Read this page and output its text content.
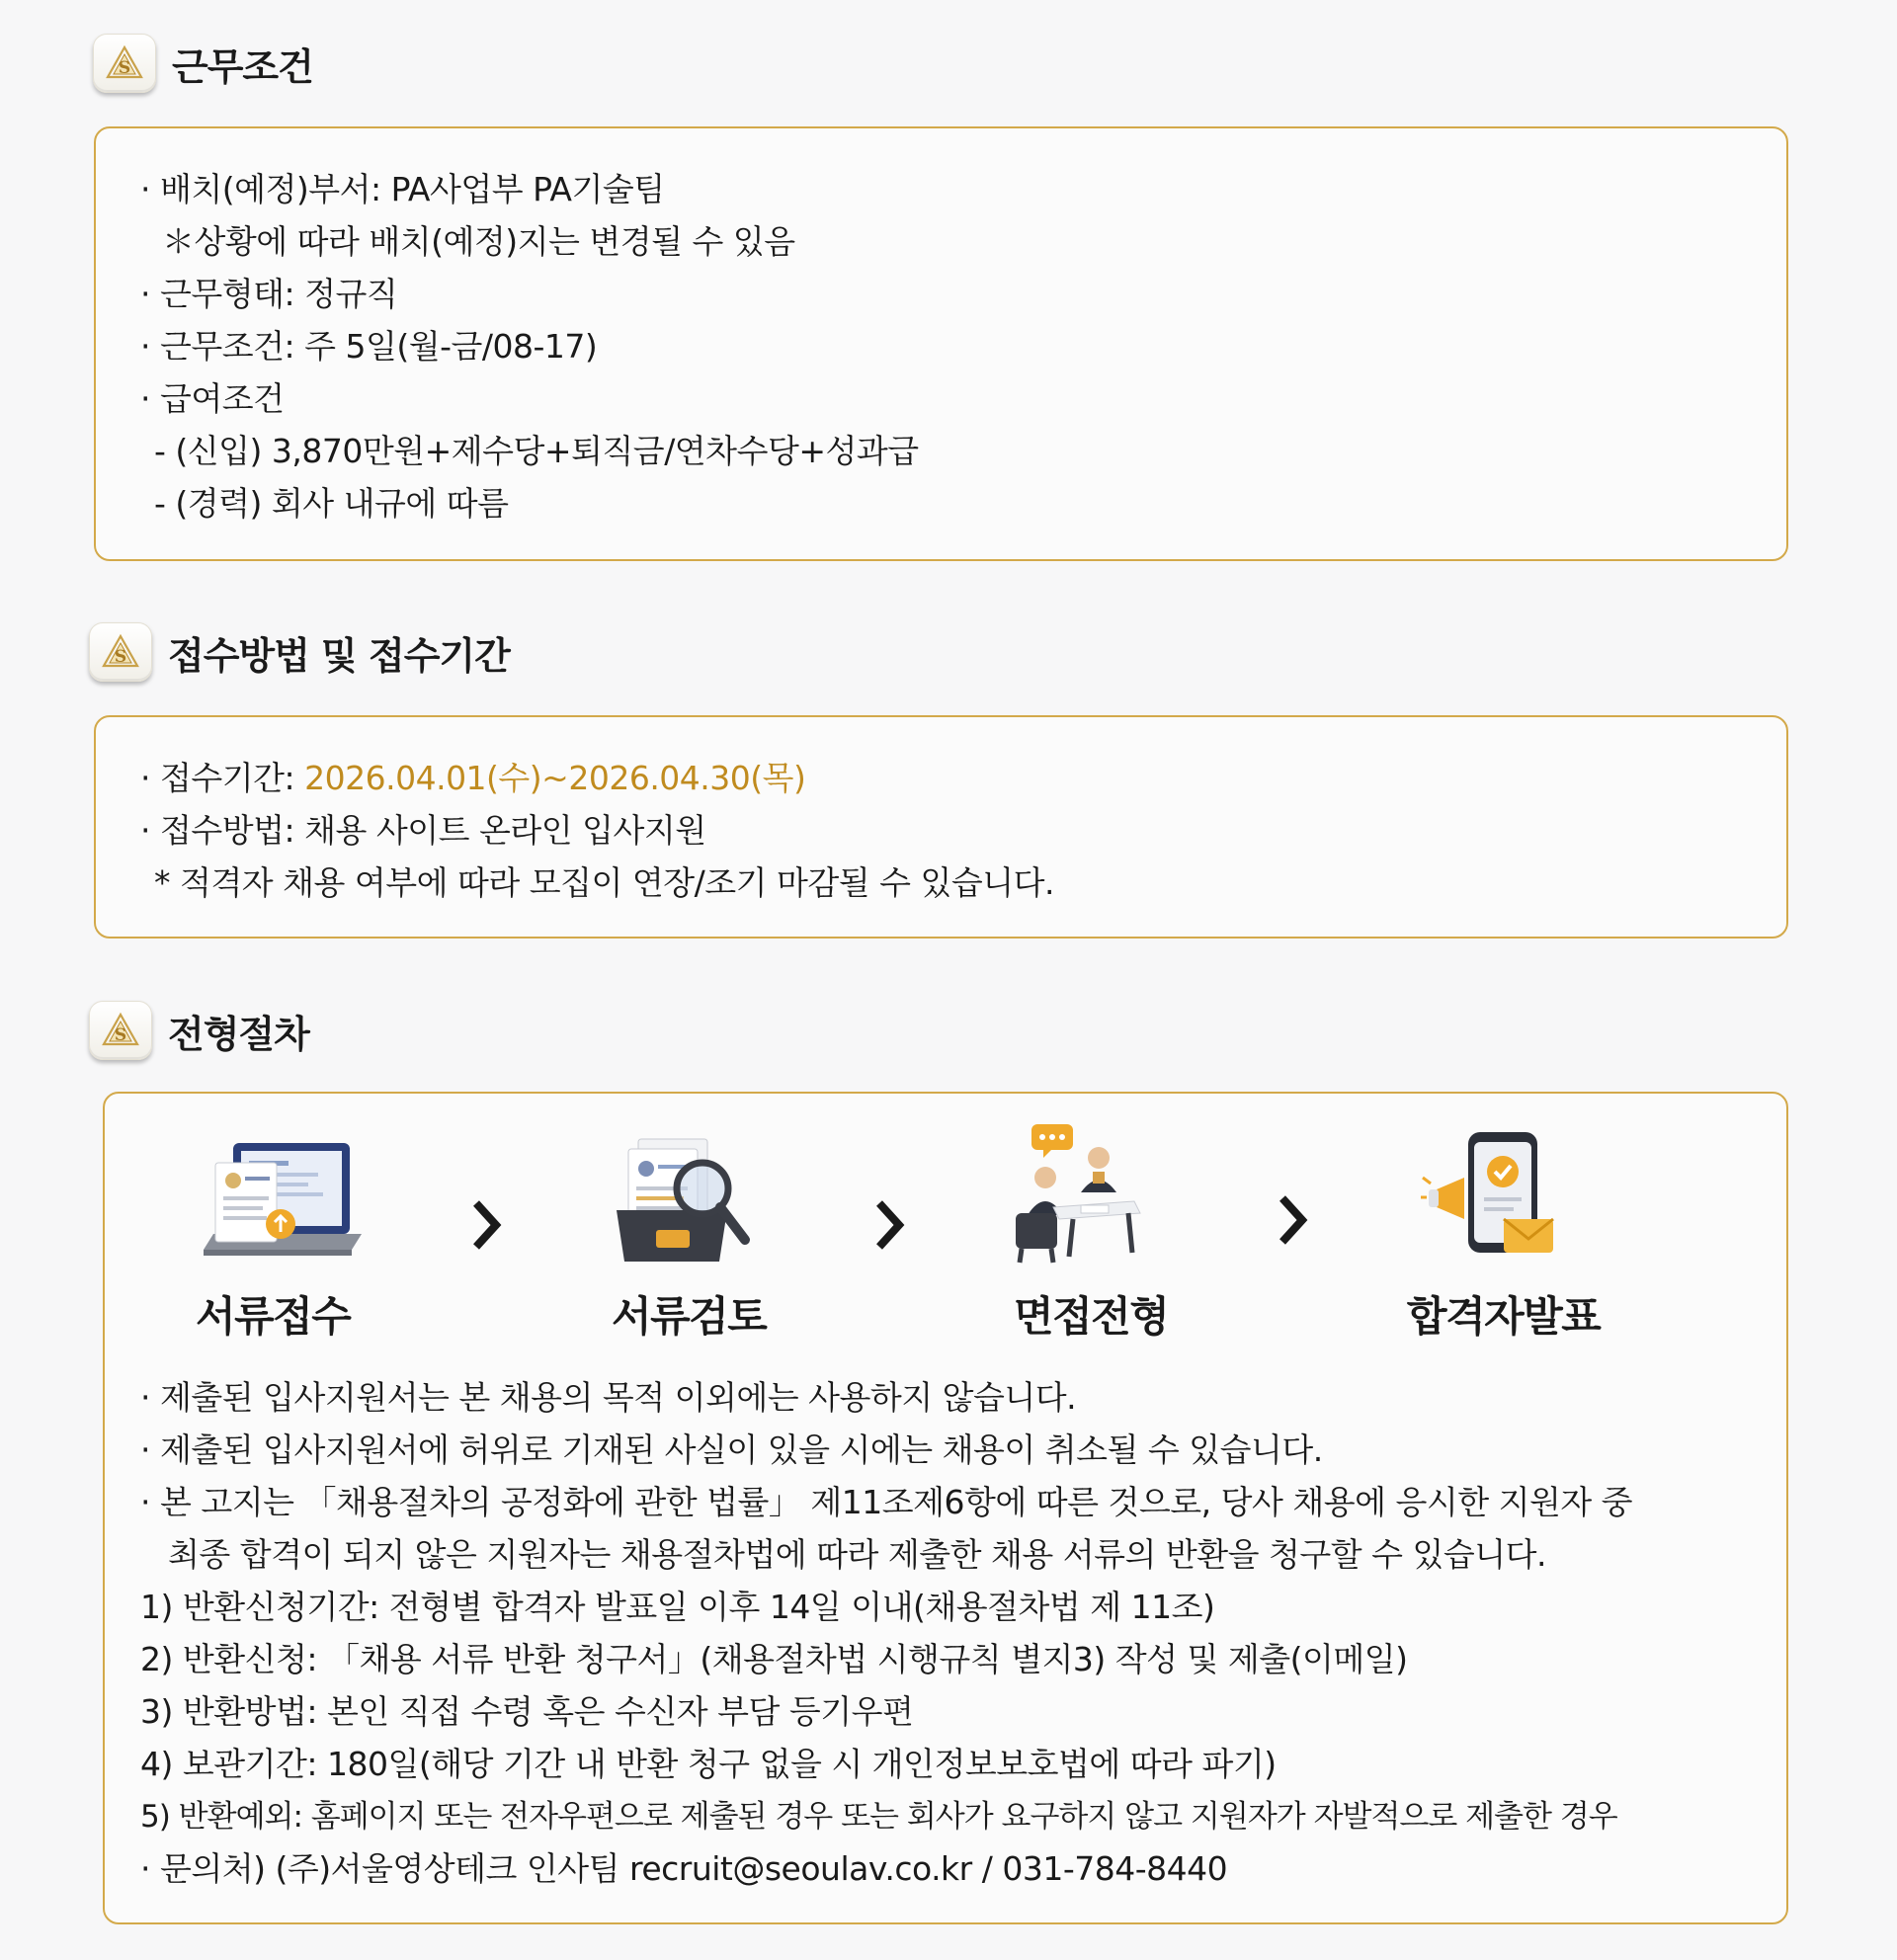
근무조건
· 배치(예정)부서: PA사업부 PA기술팀
＊상황에 따라 배치(예정)지는 변경될 수 있음
· 근무형태: 정규직
· 근무조건: 주 5일(월-금/08-17)
· 급여조건
- (신입) 3,870만원+제수당+퇴직금/연차수당+성과급
- (경력) 회사 내규에 따름
접수방법 및 접수기간
· 접수기간: 2026.04.01(수)~2026.04.30(목)
· 접수방법: 채용 사이트 온라인 입사지원
* 적격자 채용 여부에 따라 모집이 연장/조기 마감될 수 있습니다.
전형절차
서류접수	서류검토	면접전형	합격자발표
· 제출된 입사지원서는 본 채용의 목적 이외에는 사용하지 않습니다.
· 제출된 입사지원서에 허위로 기재된 사실이 있을 시에는 채용이 취소될 수 있습니다.
· 본 고지는 「채용절차의 공정화에 관한 법률」 제11조제6항에 따른 것으로, 당사 채용에 응시한 지원자 중
최종 합격이 되지 않은 지원자는 채용절차법에 따라 제출한 채용 서류의 반환을 청구할 수 있습니다.
1) 반환신청기간: 전형별 합격자 발표일 이후 14일 이내(채용절차법 제 11조)
2) 반환신청: 「채용 서류 반환 청구서」(채용절차법 시행규칙 별지3) 작성 및 제출(이메일)
3) 반환방법: 본인 직접 수령 혹은 수신자 부담 등기우편
4) 보관기간: 180일(해당 기간 내 반환 청구 없을 시 개인정보보호법에 따라 파기)
5) 반환예외: 홈페이지 또는 전자우편으로 제출된 경우 또는 회사가 요구하지 않고 지원자가 자발적으로 제출한 경우
· 문의처) (주)서울영상테크 인사팀 recruit@seoulav.co.kr / 031-784-8440
